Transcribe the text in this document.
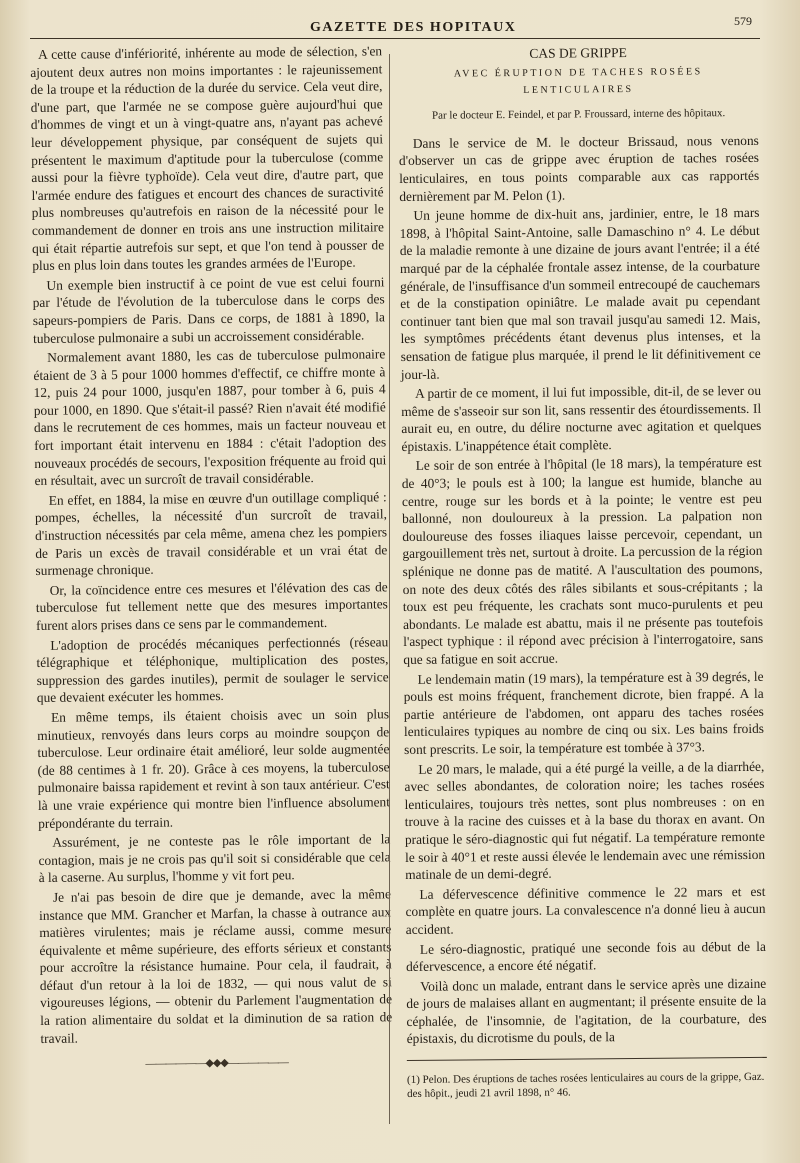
GAZETTE DES HOPITAUX	579

A cette cause d'infériorité, inhérente au mode de sélection, s'en ajoutent deux autres non moins importantes : le rajeunissement de la troupe et la réduction de la durée du service. Cela veut dire, d'une part, que l'armée ne se compose guère aujourd'hui que d'hommes de vingt et un à vingt-quatre ans, n'ayant pas achevé leur développement physique, par conséquent de sujets qui présentent le maximum d'aptitude pour la tuberculose (comme aussi pour la fièvre typhoïde). Cela veut dire, d'autre part, que l'armée endure des fatigues et encourt des chances de suractivité plus nombreuses qu'autrefois en raison de la nécessité pour le commandement de donner en trois ans une instruction militaire qui était répartie autrefois sur sept, et que l'on tend à pousser de plus en plus loin dans toutes les grandes armées de l'Europe.

Un exemple bien instructif à ce point de vue est celui fourni par l'étude de l'évolution de la tuberculose dans le corps des sapeurs-pompiers de Paris. Dans ce corps, de 1881 à 1890, la tuberculose pulmonaire a subi un accroissement considérable.

Normalement avant 1880, les cas de tuberculose pulmonaire étaient de 3 à 5 pour 1000 hommes d'effectif, ce chiffre monte à 12, puis 24 pour 1000, jusqu'en 1887, pour tomber à 6, puis 4 pour 1000, en 1890. Que s'était-il passé? Rien n'avait été modifié dans le recrutement de ces hommes, mais un facteur nouveau et fort important était intervenu en 1884 : c'était l'adoption des nouveaux procédés de secours, l'exposition fréquente au froid qui en résultait, avec un surcroît de travail considérable.

En effet, en 1884, la mise en œuvre d'un outillage compliqué : pompes, échelles, la nécessité d'un surcroît de travail, d'instruction nécessités par cela même, amena chez les pompiers de Paris un excès de travail considérable et un vrai état de surmenage chronique.

Or, la coïncidence entre ces mesures et l'élévation des cas de tuberculose fut tellement nette que des mesures importantes furent alors prises dans ce sens par le commandement.

L'adoption de procédés mécaniques perfectionnés (réseau télégraphique et téléphonique, multiplication des postes, suppression des gardes inutiles), permit de soulager le service que devaient exécuter les hommes.

En même temps, ils étaient choisis avec un soin plus minutieux, renvoyés dans leurs corps au moindre soupçon de tuberculose. Leur ordinaire était amélioré, leur solde augmentée (de 88 centimes à 1 fr. 20). Grâce à ces moyens, la tuberculose pulmonaire baissa rapidement et revint à son taux antérieur. C'est là une vraie expérience qui montre bien l'influence absolument prépondérante du terrain.

Assurément, je ne conteste pas le rôle important de la contagion, mais je ne crois pas qu'il soit si considérable que cela à la caserne. Au surplus, l'homme y vit fort peu.

Je n'ai pas besoin de dire que je demande, avec la même instance que MM. Grancher et Marfan, la chasse à outrance aux matières virulentes; mais je réclame aussi, comme mesure équivalente et même supérieure, des efforts sérieux et constants pour accroître la résistance humaine. Pour cela, il faudrait, à défaut d'un retour à la loi de 1832, — qui nous valut de si vigoureuses légions, — obtenir du Parlement l'augmentation de la ration alimentaire du soldat et la diminution de sa ration de travail.

——————◆◆◆——————
CAS DE GRIPPE
AVEC ÉRUPTION DE TACHES ROSÉES LENTICULAIRES
Par le docteur E. Feindel, et par P. Froussard, interne des hôpitaux.

Dans le service de M. le docteur Brissaud, nous venons d'observer un cas de grippe avec éruption de taches rosées lenticulaires, en tous points comparable aux cas rapportés dernièrement par M. Pelon (1).

Un jeune homme de dix-huit ans, jardinier, entre, le 18 mars 1898, à l'hôpital Saint-Antoine, salle Damaschino n° 4. Le début de la maladie remonte à une dizaine de jours avant l'entrée; il a été marqué par de la céphalée frontale assez intense, de la courbature générale, de l'insuffisance d'un sommeil entrecoupé de cauchemars et de la constipation opiniâtre. Le malade avait pu cependant continuer tant bien que mal son travail jusqu'au samedi 12. Mais, les symptômes précédents étant devenus plus intenses, et la sensation de fatigue plus marquée, il prend le lit définitivement ce jour-là.

A partir de ce moment, il lui fut impossible, dit-il, de se lever ou même de s'asseoir sur son lit, sans ressentir des étourdissements. Il aurait eu, en outre, du délire nocturne avec agitation et quelques épistaxis. L'inappétence était complète.

Le soir de son entrée à l'hôpital (le 18 mars), la température est de 40°3; le pouls est à 100; la langue est humide, blanche au centre, rouge sur les bords et à la pointe; le ventre est peu ballonné, non douloureux à la pression. La palpation non douloureuse des fosses iliaques laisse percevoir, cependant, un gargouillement très net, surtout à droite. La percussion de la région splénique ne donne pas de matité. A l'auscultation des poumons, on note des deux côtés des râles sibilants et sous-crépitants ; la toux est peu fréquente, les crachats sont muco-purulents et peu abondants. Le malade est abattu, mais il ne présente pas toutefois l'aspect typhique : il répond avec précision à l'interrogatoire, sans que sa fatigue en soit accrue.

Le lendemain matin (19 mars), la température est à 39 degrés, le pouls est moins fréquent, franchement dicrote, bien frappé. A la partie antérieure de l'abdomen, ont apparu des taches rosées lenticulaires typiques au nombre de cinq ou six. Les bains froids sont prescrits. Le soir, la température est tombée à 37°3.

Le 20 mars, le malade, qui a été purgé la veille, a de la diarrhée, avec selles abondantes, de coloration noire; les taches rosées lenticulaires, toujours très nettes, sont plus nombreuses : on en trouve à la racine des cuisses et à la base du thorax en avant. On pratique le séro-diagnostic qui fut négatif. La température remonte le soir à 40°1 et reste aussi élevée le lendemain avec une rémission matinale de un demi-degré.

La défervescence définitive commence le 22 mars et est complète en quatre jours. La convalescence n'a donné lieu à aucun accident.

Le séro-diagnostic, pratiqué une seconde fois au début de la défervescence, a encore été négatif.

Voilà donc un malade, entrant dans le service après une dizaine de jours de malaises allant en augmentant; il présente ensuite de la céphalée, de l'insomnie, de l'agitation, de la courbature, des épistaxis, du dicrotisme du pouls, de la

(1) Pelon. Des éruptions de taches rosées lenticulaires au cours de la grippe, Gaz. des hôpit., jeudi 21 avril 1898, n° 46.
